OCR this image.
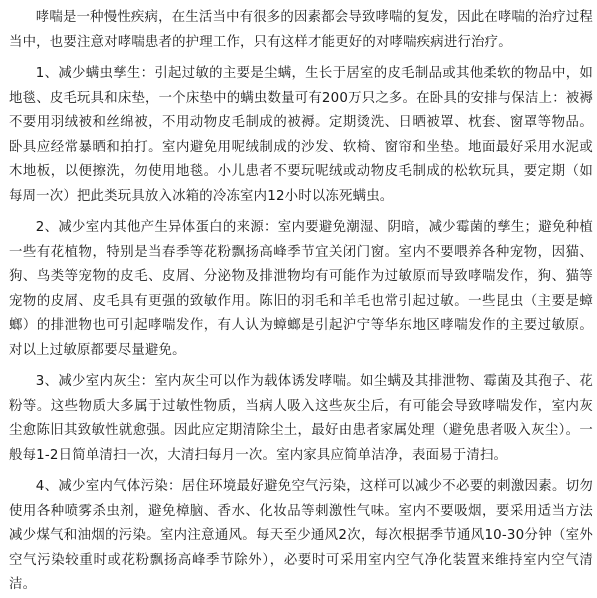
哮喘是一种慢性疾病，在生活当中有很多的因素都会导致哮喘的复发，因此在哮喘的治疗过程当中，也要注意对哮喘患者的护理工作，只有这样才能更好的对哮喘疾病进行治疗。

1、减少螨虫孳生：引起过敏的主要是尘螨，生长于居室的皮毛制品或其他柔软的物品中，如地毯、皮毛玩具和床垫，一个床垫中的螨虫数量可有200万只之多。在卧具的安排与保洁上：被褥不要用羽绒被和丝绵被，不用动物皮毛制成的被褥。定期烫洗、日晒被罩、枕套、窗罩等物品。卧具应经常暴晒和拍打。室内避免用呢绒制成的沙发、软椅、窗帘和坐垫。地面最好采用水泥或木地板，以便擦洗，勿使用地毯。小儿患者不要玩呢绒或动物皮毛制成的松软玩具，要定期（如每周一次）把此类玩具放入冰箱的冷冻室内12小时以冻死螨虫。

2、减少室内其他产生异体蛋白的来源：室内要避免潮湿、阴暗，减少霉菌的孳生；避免种植一些有花植物，特别是当春季等花粉飘扬高峰季节宜关闭门窗。室内不要喂养各种宠物，因猫、狗、鸟类等宠物的皮毛、皮屑、分泌物及排泄物均有可能作为过敏原而导致哮喘发作，狗、猫等宠物的皮屑、皮毛具有更强的致敏作用。陈旧的羽毛和羊毛也常引起过敏。一些昆虫（主要是蟑螂）的排泄物也可引起哮喘发作，有人认为蟑螂是引起沪宁等华东地区哮喘发作的主要过敏原。对以上过敏原都要尽量避免。

3、减少室内灰尘：室内灰尘可以作为载体诱发哮喘。如尘螨及其排泄物、霉菌及其孢子、花粉等。这些物质大多属于过敏性物质，当病人吸入这些灰尘后，有可能会导致哮喘发作，室内灰尘愈陈旧其致敏性就愈强。因此应定期清除尘土，最好由患者家属处理（避免患者吸入灰尘）。一般每1-2日简单清扫一次，大清扫每月一次。室内家具应简单洁净，表面易于清扫。

4、减少室内气体污染：居住环境最好避免空气污染，这样可以减少不必要的刺激因素。切勿使用各种喷雾杀虫剂，避免樟脑、香水、化妆品等刺激性气味。室内不要吸烟，要采用适当方法减少煤气和油烟的污染。室内注意通风。每天至少通风2次，每次根据季节通风10-30分钟（室外空气污染较重时或花粉飘扬高峰季节除外），必要时可采用室内空气净化装置来维持室内空气清洁。
